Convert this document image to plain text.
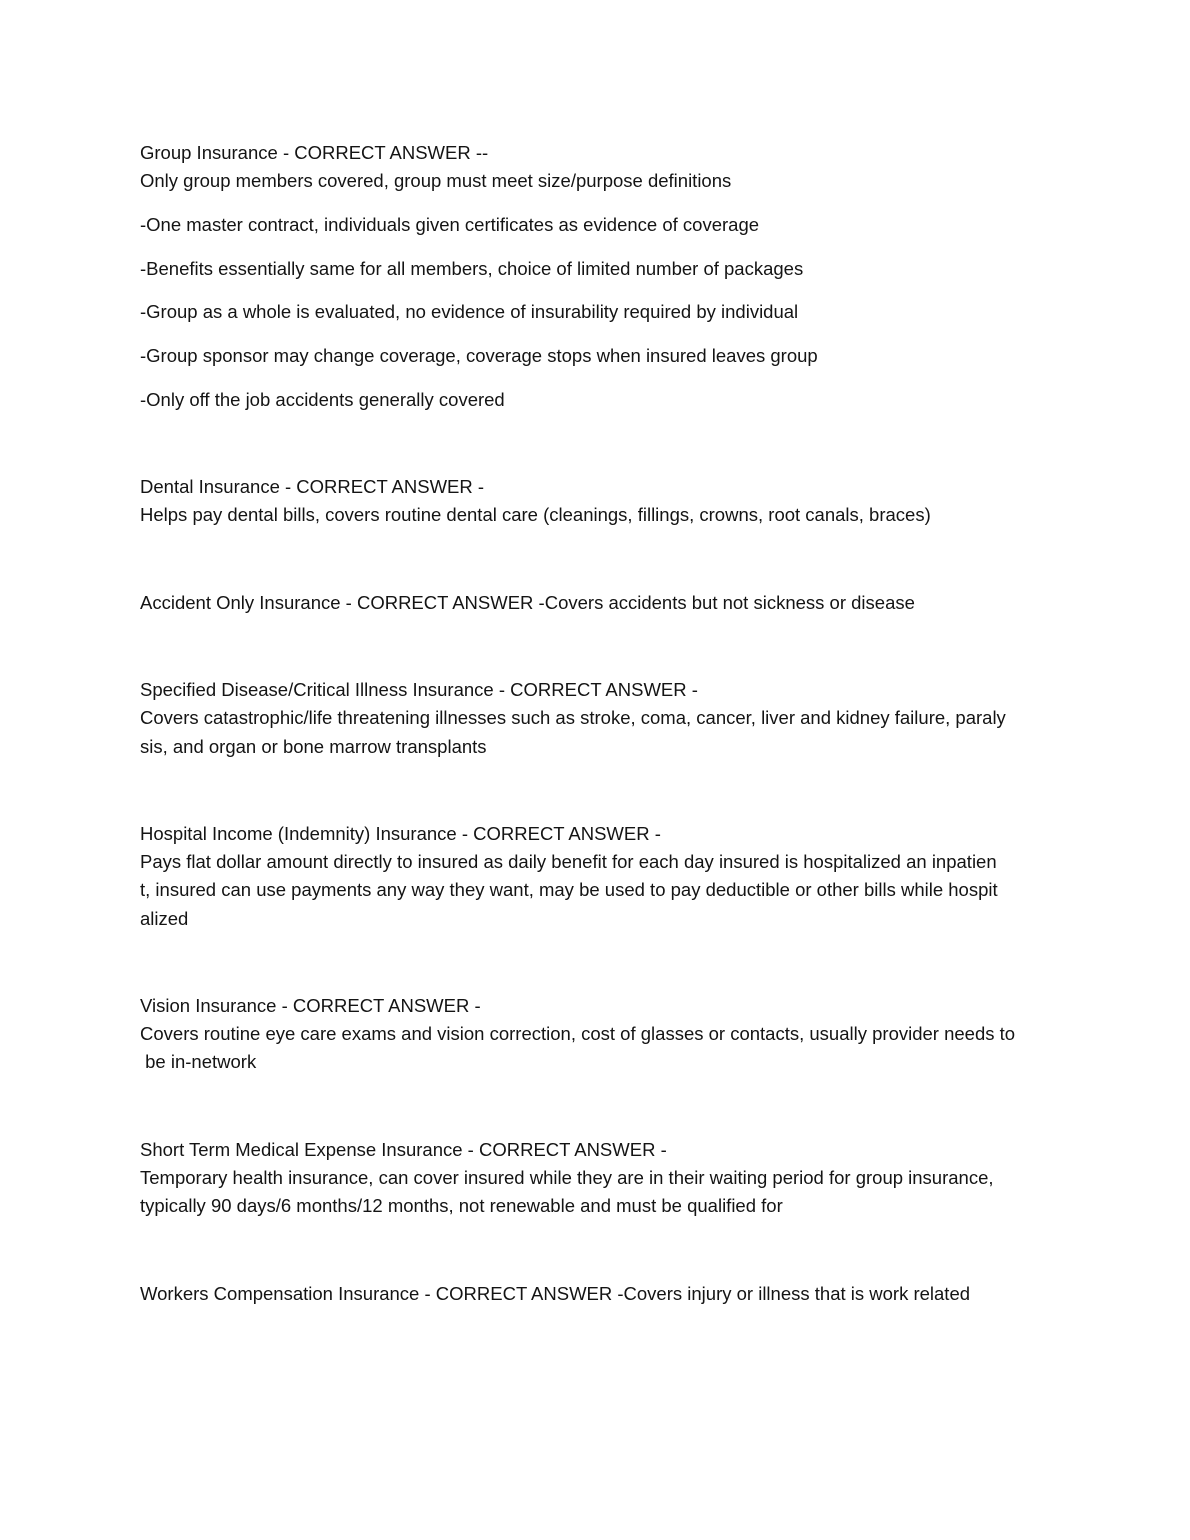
Group Insurance - CORRECT ANSWER --
Only group members covered, group must meet size/purpose definitions
-One master contract, individuals given certificates as evidence of coverage
-Benefits essentially same for all members, choice of limited number of packages
-Group as a whole is evaluated, no evidence of insurability required by individual
-Group sponsor may change coverage, coverage stops when insured leaves group
-Only off the job accidents generally covered
Dental Insurance - CORRECT ANSWER -
Helps pay dental bills, covers routine dental care (cleanings, fillings, crowns, root canals, braces)
Accident Only Insurance - CORRECT ANSWER -Covers accidents but not sickness or disease
Specified Disease/Critical Illness Insurance - CORRECT ANSWER -
Covers catastrophic/life threatening illnesses such as stroke, coma, cancer, liver and kidney failure, paraly
sis, and organ or bone marrow transplants
Hospital Income (Indemnity) Insurance - CORRECT ANSWER -
Pays flat dollar amount directly to insured as daily benefit for each day insured is hospitalized an inpatien
t, insured can use payments any way they want, may be used to pay deductible or other bills while hospit
alized
Vision Insurance - CORRECT ANSWER -
Covers routine eye care exams and vision correction, cost of glasses or contacts, usually provider needs to
be in-network
Short Term Medical Expense Insurance - CORRECT ANSWER -
Temporary health insurance, can cover insured while they are in their waiting period for group insurance,
typically 90 days/6 months/12 months, not renewable and must be qualified for
Workers Compensation Insurance - CORRECT ANSWER -Covers injury or illness that is work related
